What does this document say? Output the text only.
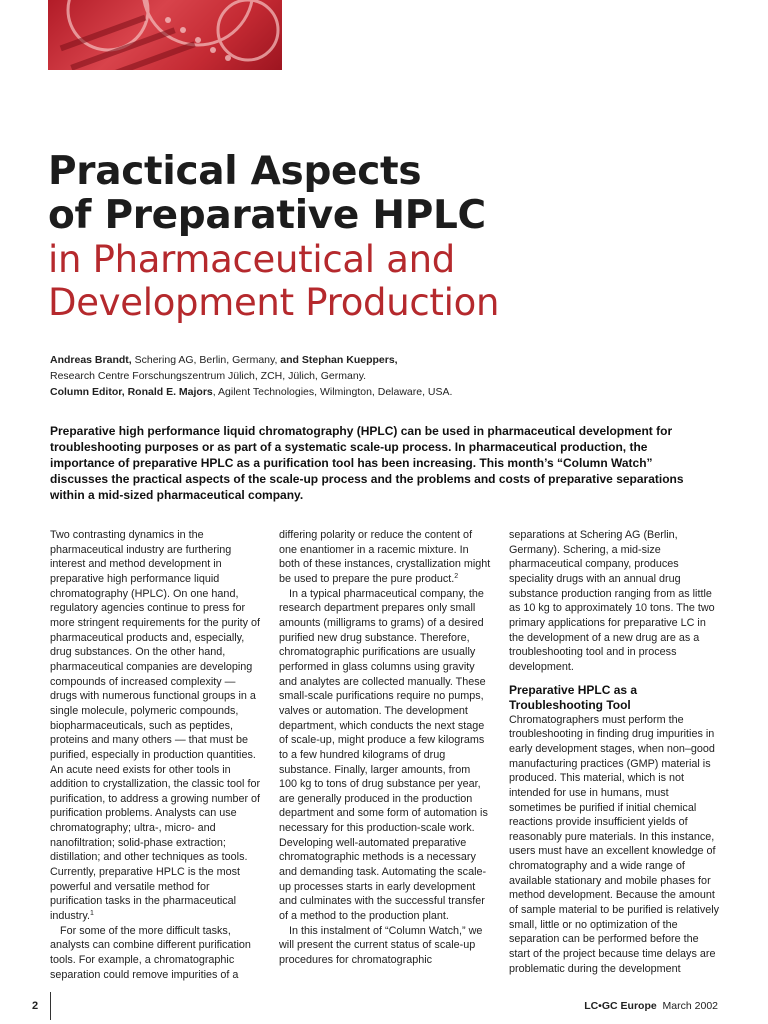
Practical Aspects
of Preparative HPLC
in Pharmaceutical and
Development Production
Andreas Brandt, Schering AG, Berlin, Germany, and Stephan Kueppers,
Research Centre Forschungszentrum Jülich, ZCH, Jülich, Germany.
Column Editor, Ronald E. Majors, Agilent Technologies, Wilmington, Delaware, USA.
Preparative high performance liquid chromatography (HPLC) can be used in pharmaceutical development for troubleshooting purposes or as part of a systematic scale-up process. In pharmaceutical production, the importance of preparative HPLC as a purification tool has been increasing. This month’s “Column Watch” discusses the practical aspects of the scale-up process and the problems and costs of preparative separations within a mid-sized pharmaceutical company.

Two contrasting dynamics in the pharmaceutical industry are furthering interest and method development in preparative high performance liquid chromatography (HPLC). On one hand, regulatory agencies continue to press for more stringent requirements for the purity of pharmaceutical products and, especially, drug substances. On the other hand, pharmaceutical companies are developing compounds of increased complexity — drugs with numerous functional groups in a single molecule, polymeric compounds, biopharmaceuticals, such as peptides, proteins and many others — that must be purified, especially in production quantities. An acute need exists for other tools in addition to crystallization, the classic tool for purification, to address a growing number of purification problems. Analysts can use chromatography; ultra-, micro- and nanofiltration; solid-phase extraction; distillation; and other techniques as tools. Currently, preparative HPLC is the most powerful and versatile method for purification tasks in the pharmaceutical industry.$^1$

For some of the more difficult tasks, analysts can combine different purification tools. For example, a chromatographic separation could remove impurities of a

differing polarity or reduce the content of one enantiomer in a racemic mixture. In both of these instances, crystallization might be used to prepare the pure product.$^2$

In a typical pharmaceutical company, the research department prepares only small amounts (milligrams to grams) of a desired purified new drug substance. Therefore, chromatographic purifications are usually performed in glass columns using gravity and analytes are collected manually. These small-scale purifications require no pumps, valves or automation. The development department, which conducts the next stage of scale-up, might produce a few kilograms to a few hundred kilograms of drug substance. Finally, larger amounts, from 100 kg to tons of drug substance per year, are generally produced in the production department and some form of automation is necessary for this production-scale work. Developing well-automated preparative chromatographic methods is a necessary and demanding task. Automating the scale-up processes starts in early development and culminates with the successful transfer of a method to the production plant.

In this instalment of “Column Watch,” we will present the current status of scale-up procedures for chromatographic

separations at Schering AG (Berlin, Germany). Schering, a mid-size pharmaceutical company, produces speciality drugs with an annual drug substance production ranging from as little as 10 kg to approximately 10 tons. The two primary applications for preparative LC in the development of a new drug are as a troubleshooting tool and in process development.

Preparative HPLC as a Troubleshooting Tool

Chromatographers must perform the troubleshooting in finding drug impurities in early development stages, when non–good manufacturing practices (GMP) material is produced. This material, which is not intended for use in humans, must sometimes be purified if initial chemical reactions provide insufficient yields of reasonably pure materials. In this instance, users must have an excellent knowledge of chromatography and a wide range of available stationary and mobile phases for method development. Because the amount of sample material to be purified is relatively small, little or no optimization of the separation can be performed before the start of the project because time delays are problematic during the development

2	LC•GC Europe March 2002
